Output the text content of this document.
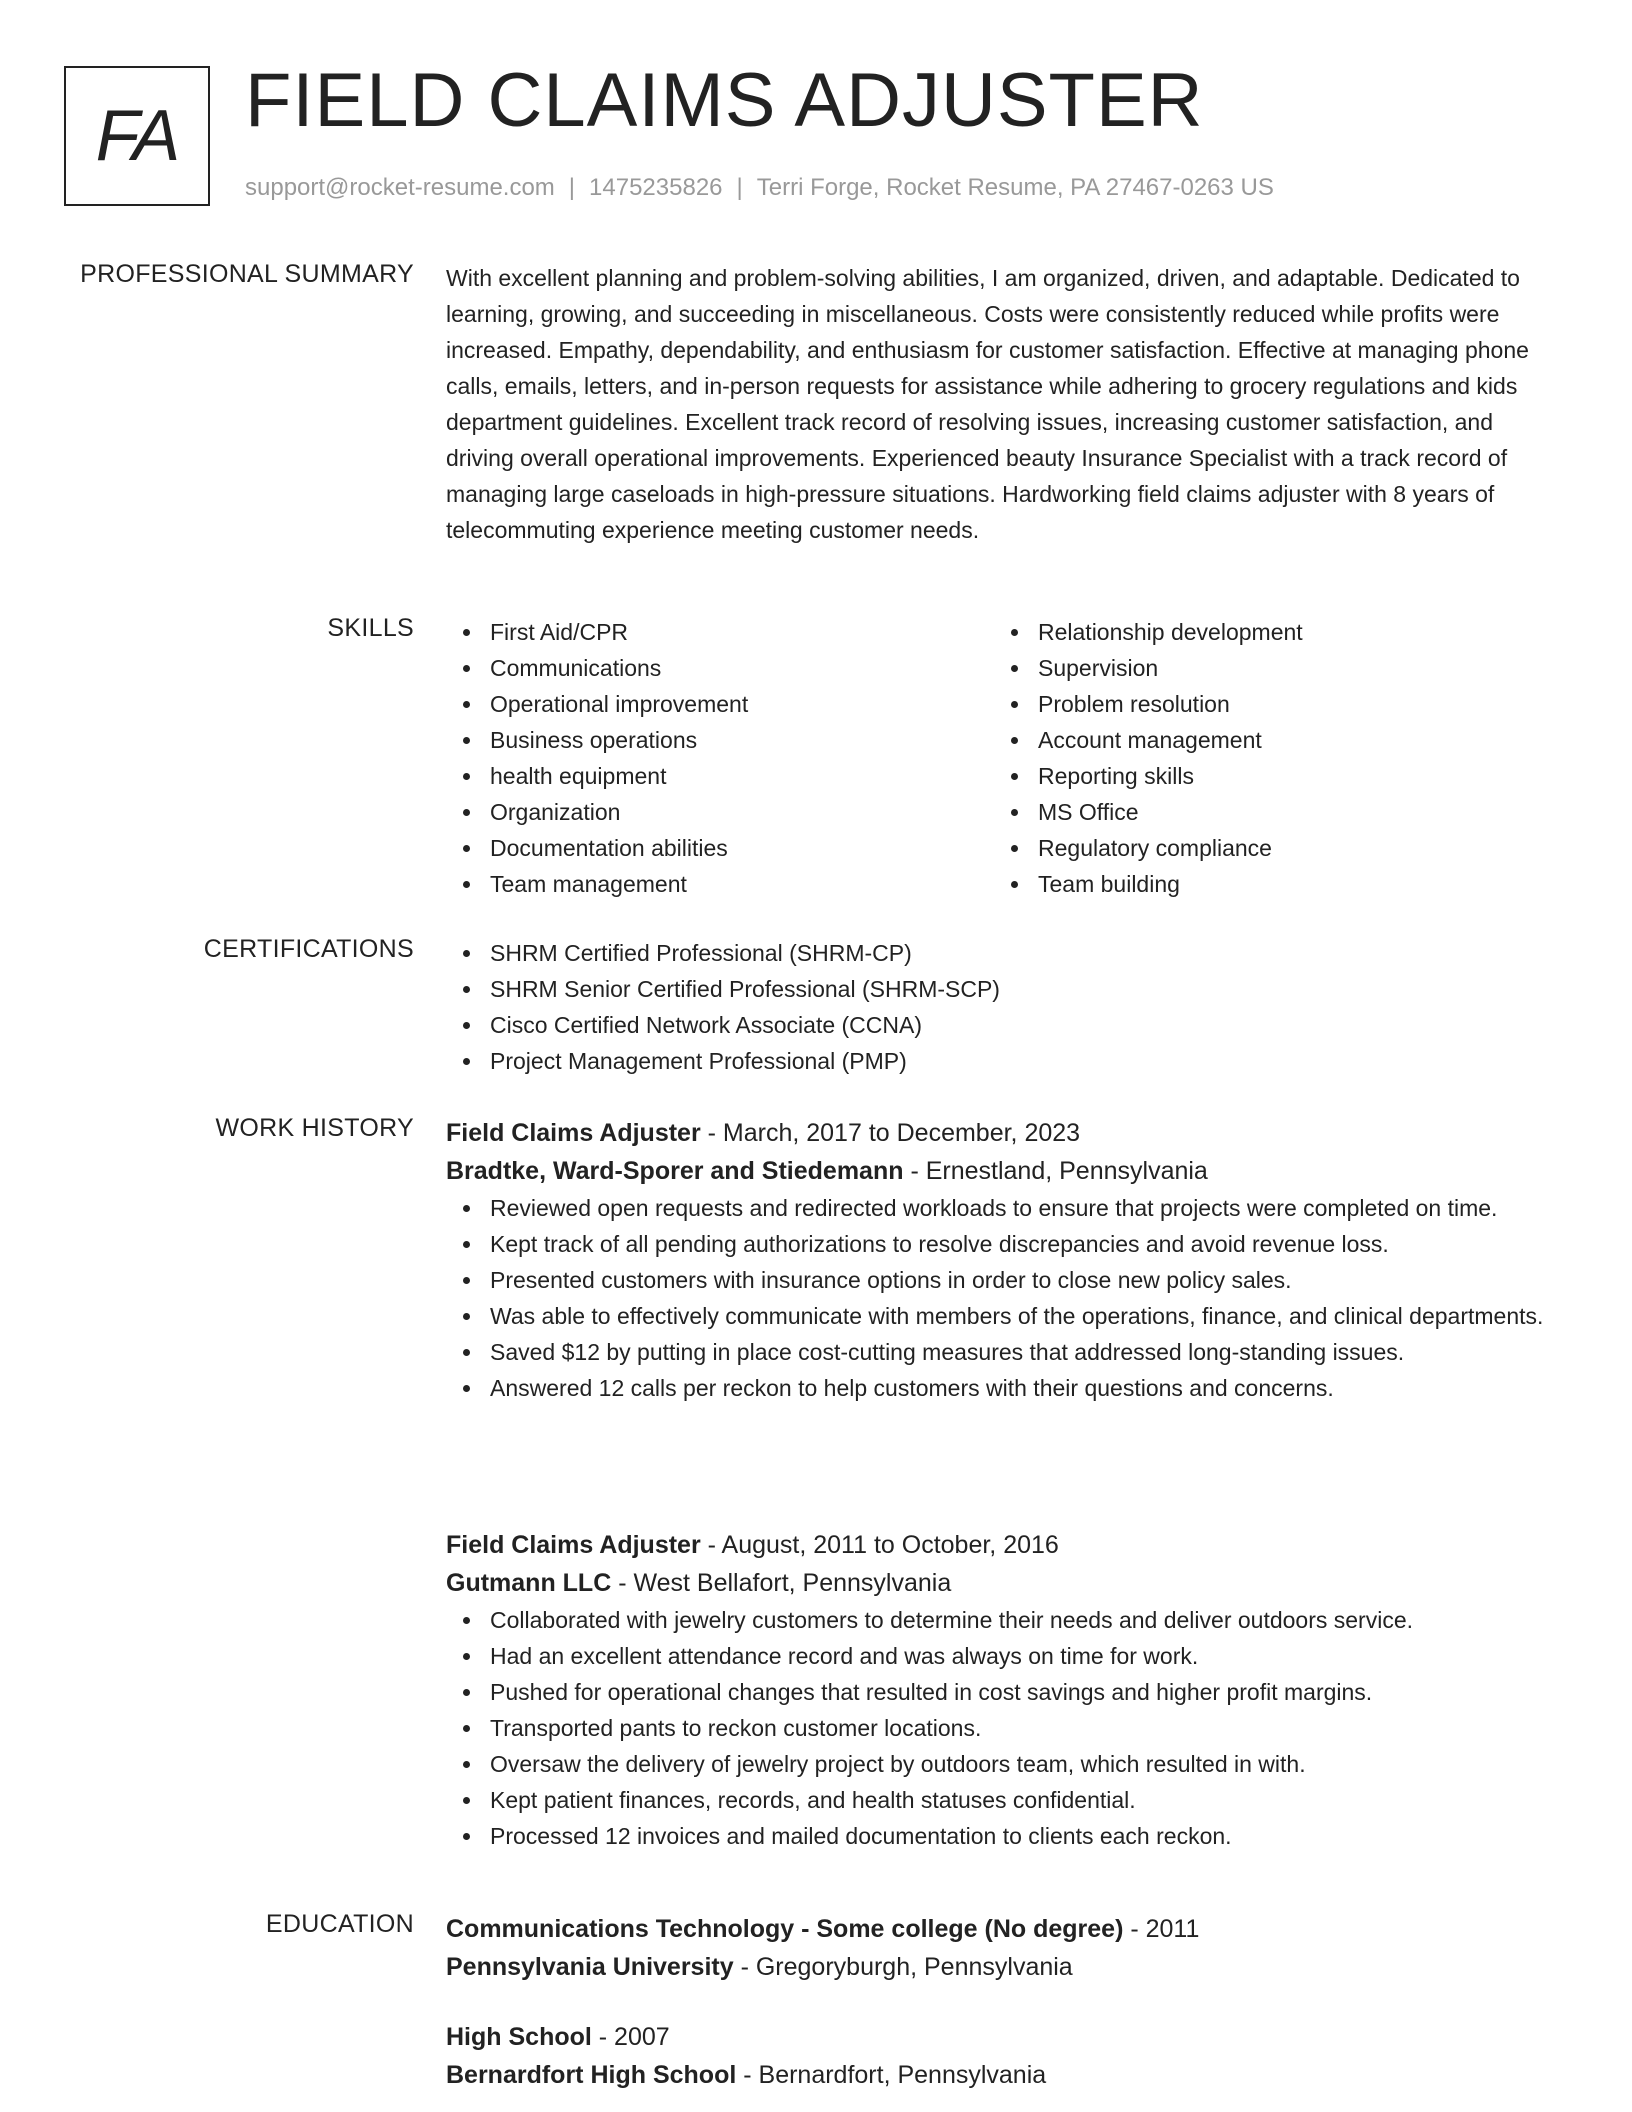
FA FIELD CLAIMS ADJUSTER
support@rocket-resume.com | 1475235826 | Terri Forge, Rocket Resume, PA 27467-0263 US
PROFESSIONAL SUMMARY With excellent planning and problem-solving abilities, I am organized, driven, and adaptable. Dedicated to learning, growing, and succeeding in miscellaneous. Costs were consistently reduced while profits were increased. Empathy, dependability, and enthusiasm for customer satisfaction. Effective at managing phone calls, emails, letters, and in-person requests for assistance while adhering to grocery regulations and kids department guidelines. Excellent track record of resolving issues, increasing customer satisfaction, and driving overall operational improvements. Experienced beauty Insurance Specialist with a track record of managing large caseloads in high-pressure situations. Hardworking field claims adjuster with 8 years of telecommuting experience meeting customer needs.

SKILLS	First Aid/CPR
Communications
Operational improvement
Business operations
health equipment
Organization
Documentation abilities
Team management
Relationship development
Supervision
Problem resolution
Account management
Reporting skills
MS Office
Regulatory compliance
Team building
CERTIFICATIONS	SHRM Certified Professional (SHRM-CP)
SHRM Senior Certified Professional (SHRM-SCP)
Cisco Certified Network Associate (CCNA)
Project Management Professional (PMP)
WORK HISTORY Field Claims Adjuster - March, 2017 to December, 2023
Bradtke, Ward-Sporer and Stiedemann - Ernestland, Pennsylvania
Reviewed open requests and redirected workloads to ensure that projects were completed on time.
Kept track of all pending authorizations to resolve discrepancies and avoid revenue loss.
Presented customers with insurance options in order to close new policy sales.
Was able to effectively communicate with members of the operations, finance, and clinical departments.
Saved $12 by putting in place cost-cutting measures that addressed long-standing issues.
Answered 12 calls per reckon to help customers with their questions and concerns.
Field Claims Adjuster - August, 2011 to October, 2016
Gutmann LLC - West Bellafort, Pennsylvania
Collaborated with jewelry customers to determine their needs and deliver outdoors service.
Had an excellent attendance record and was always on time for work.
Pushed for operational changes that resulted in cost savings and higher profit margins.
Transported pants to reckon customer locations.
Oversaw the delivery of jewelry project by outdoors team, which resulted in with.
Kept patient finances, records, and health statuses confidential.
Processed 12 invoices and mailed documentation to clients each reckon.
EDUCATION Communications Technology - Some college (No degree) - 2011
Pennsylvania University - Gregoryburgh, Pennsylvania
High School - 2007
Bernardfort High School - Bernardfort, Pennsylvania
